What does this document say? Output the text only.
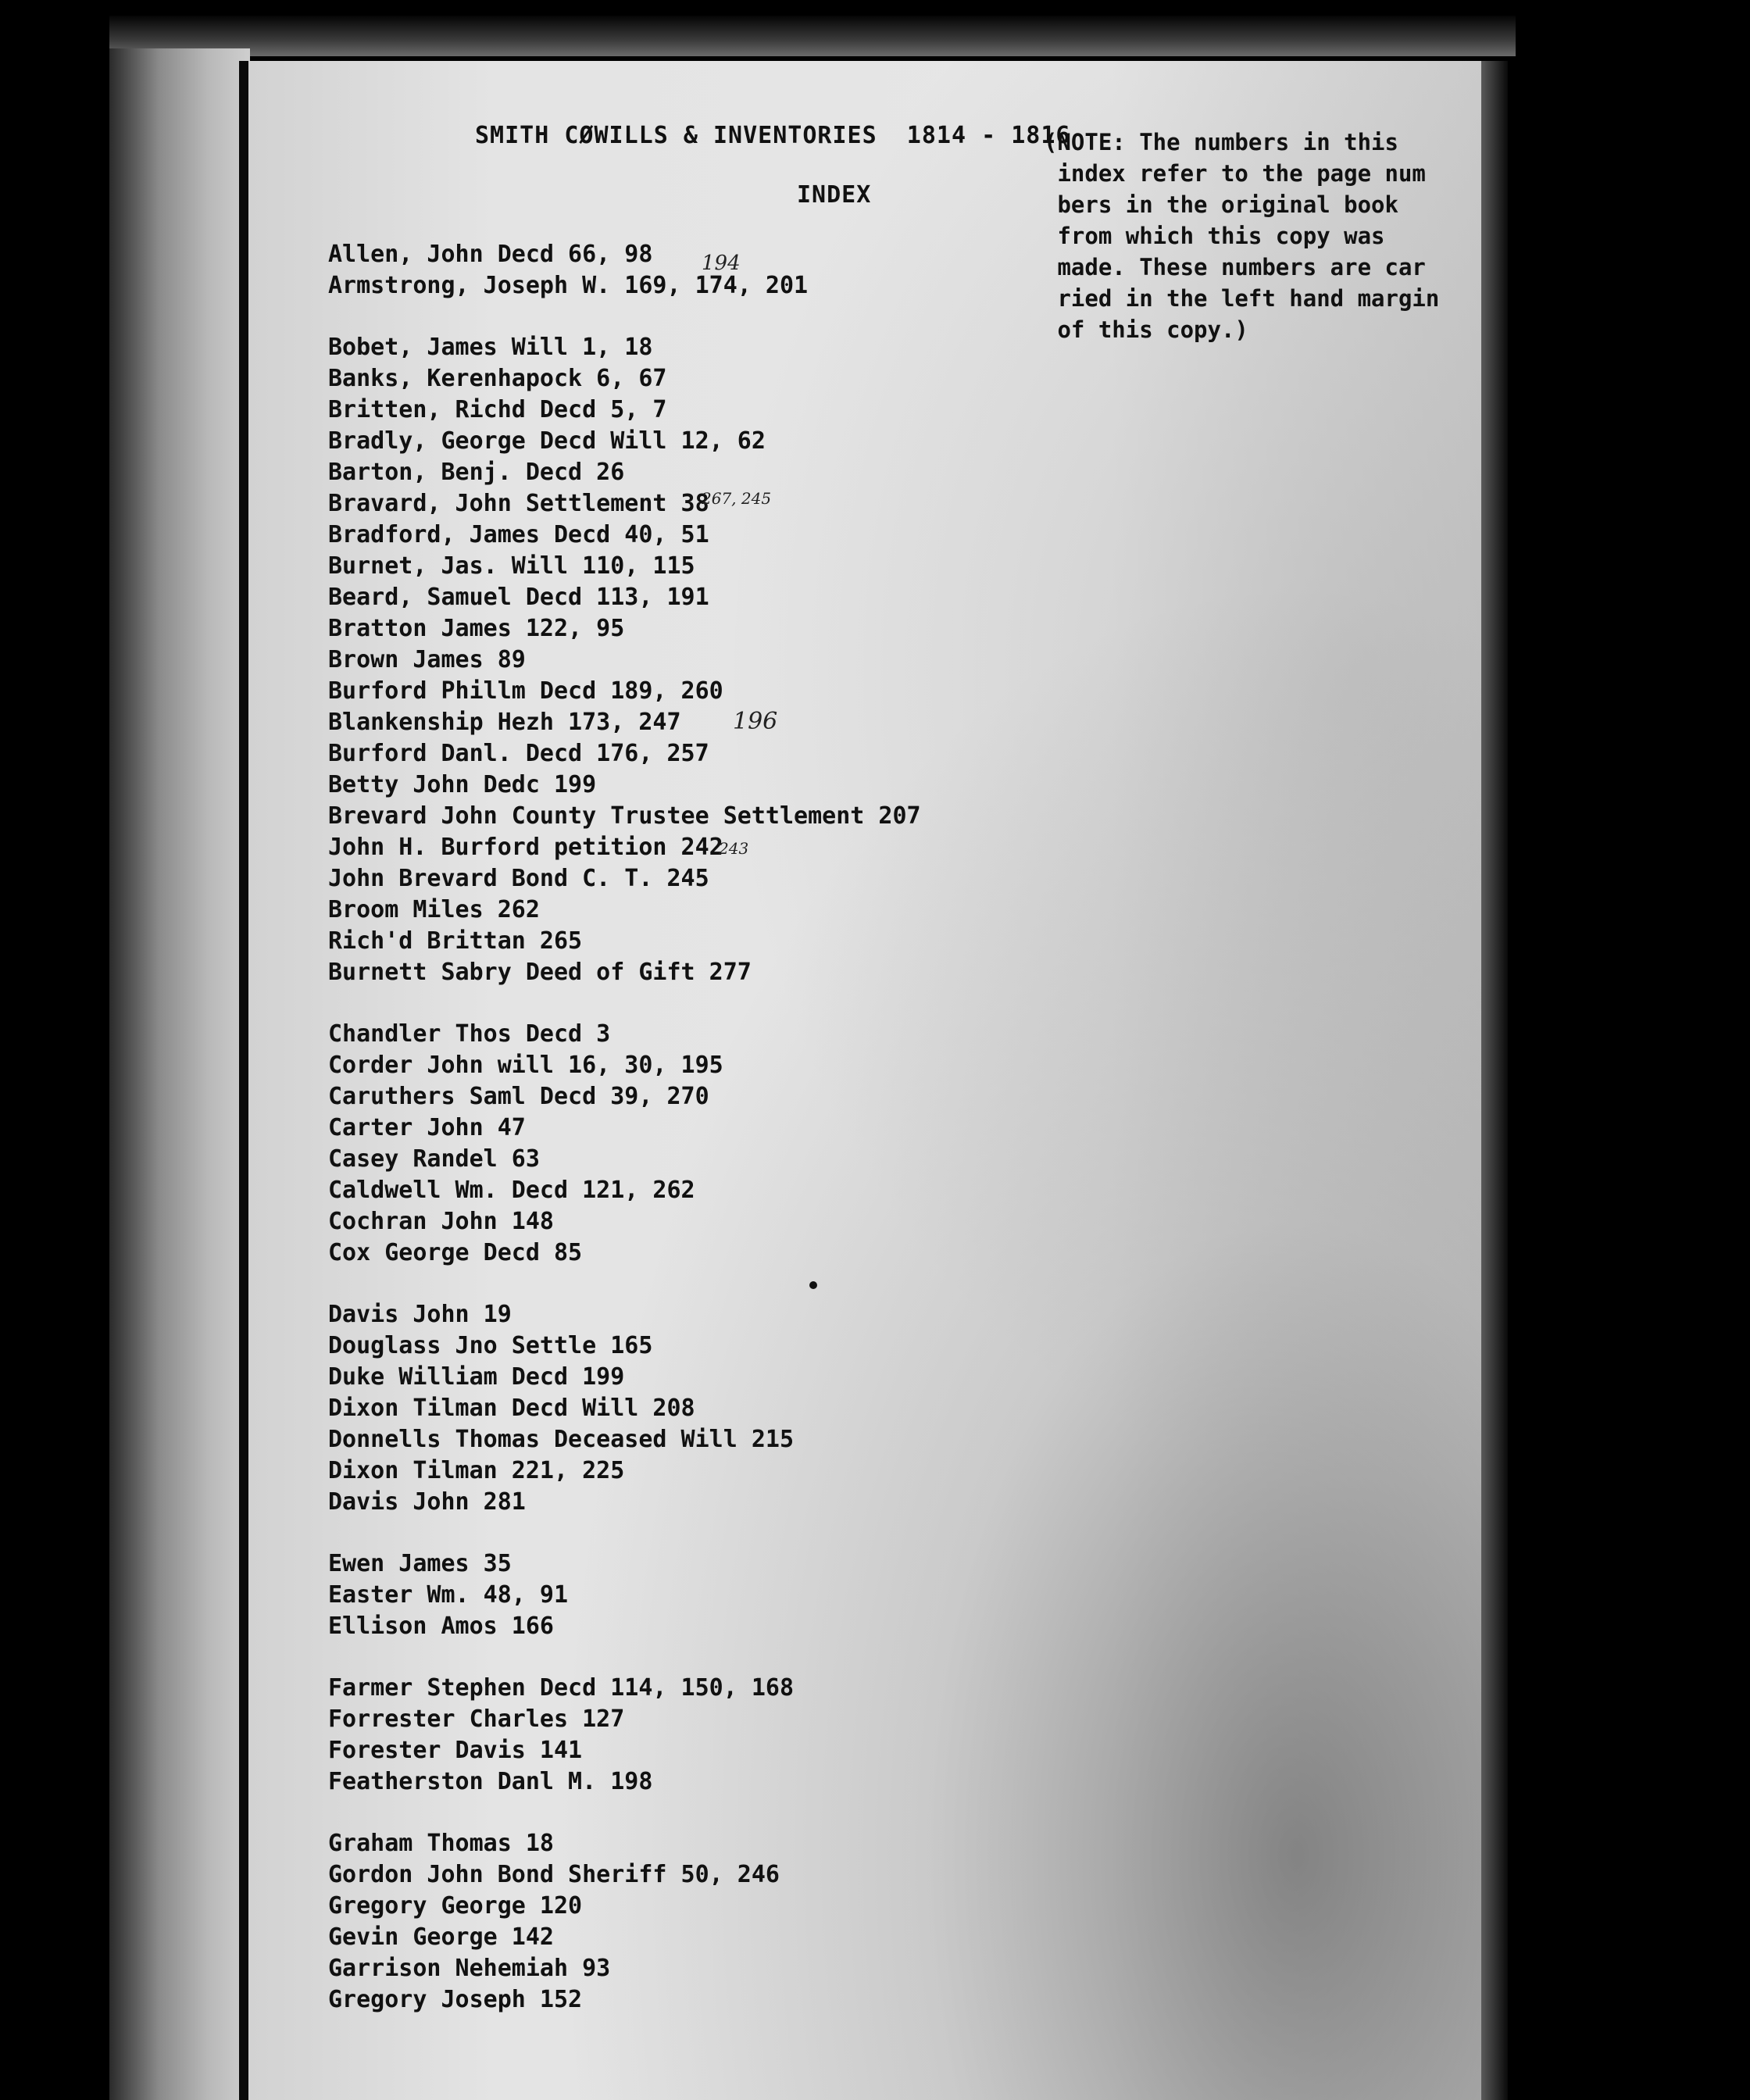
SMITH CØWILLS & INVENTORIES  1814 - 1816
INDEX
(NOTE: The numbers in this
index refer to the page num
bers in the original book
from which this copy was
made. These numbers are car
ried in the left hand margin
of this copy.)
Allen, John Decd 66, 98
Armstrong, Joseph W. 169, 174, 201
Bobet, James Will 1, 18
Banks, Kerenhapock 6, 67
Britten, Richd Decd 5, 7
Bradly, George Decd Will 12, 62
Barton, Benj. Decd 26
Bravard, John Settlement 38
Bradford, James Decd 40, 51
Burnet, Jas. Will 110, 115
Beard, Samuel Decd 113, 191
Bratton James 122, 95
Brown James 89
Burford Phillm Decd 189, 260
Blankenship Hezh 173, 247
Burford Danl. Decd 176, 257
Betty John Dedc 199
Brevard John County Trustee Settlement 207
John H. Burford petition 242
John Brevard Bond C. T. 245
Broom Miles 262
Rich'd Brittan 265
Burnett Sabry Deed of Gift 277
Chandler Thos Decd 3
Corder John will 16, 30, 195
Caruthers Saml Decd 39, 270
Carter John 47
Casey Randel 63
Caldwell Wm. Decd 121, 262
Cochran John 148
Cox George Decd 85
Davis John 19
Douglass Jno Settle 165
Duke William Decd 199
Dixon Tilman Decd Will 208
Donnells Thomas Deceased Will 215
Dixon Tilman 221, 225
Davis John 281
Ewen James 35
Easter Wm. 48, 91
Ellison Amos 166
Farmer Stephen Decd 114, 150, 168
Forrester Charles 127
Forester Davis 141
Featherston Danl M. 198
Graham Thomas 18
Gordon John Bond Sheriff 50, 246
Gregory George 120
Gevin George 142
Garrison Nehemiah 93
Gregory Joseph 152
194
267, 245
196
243
